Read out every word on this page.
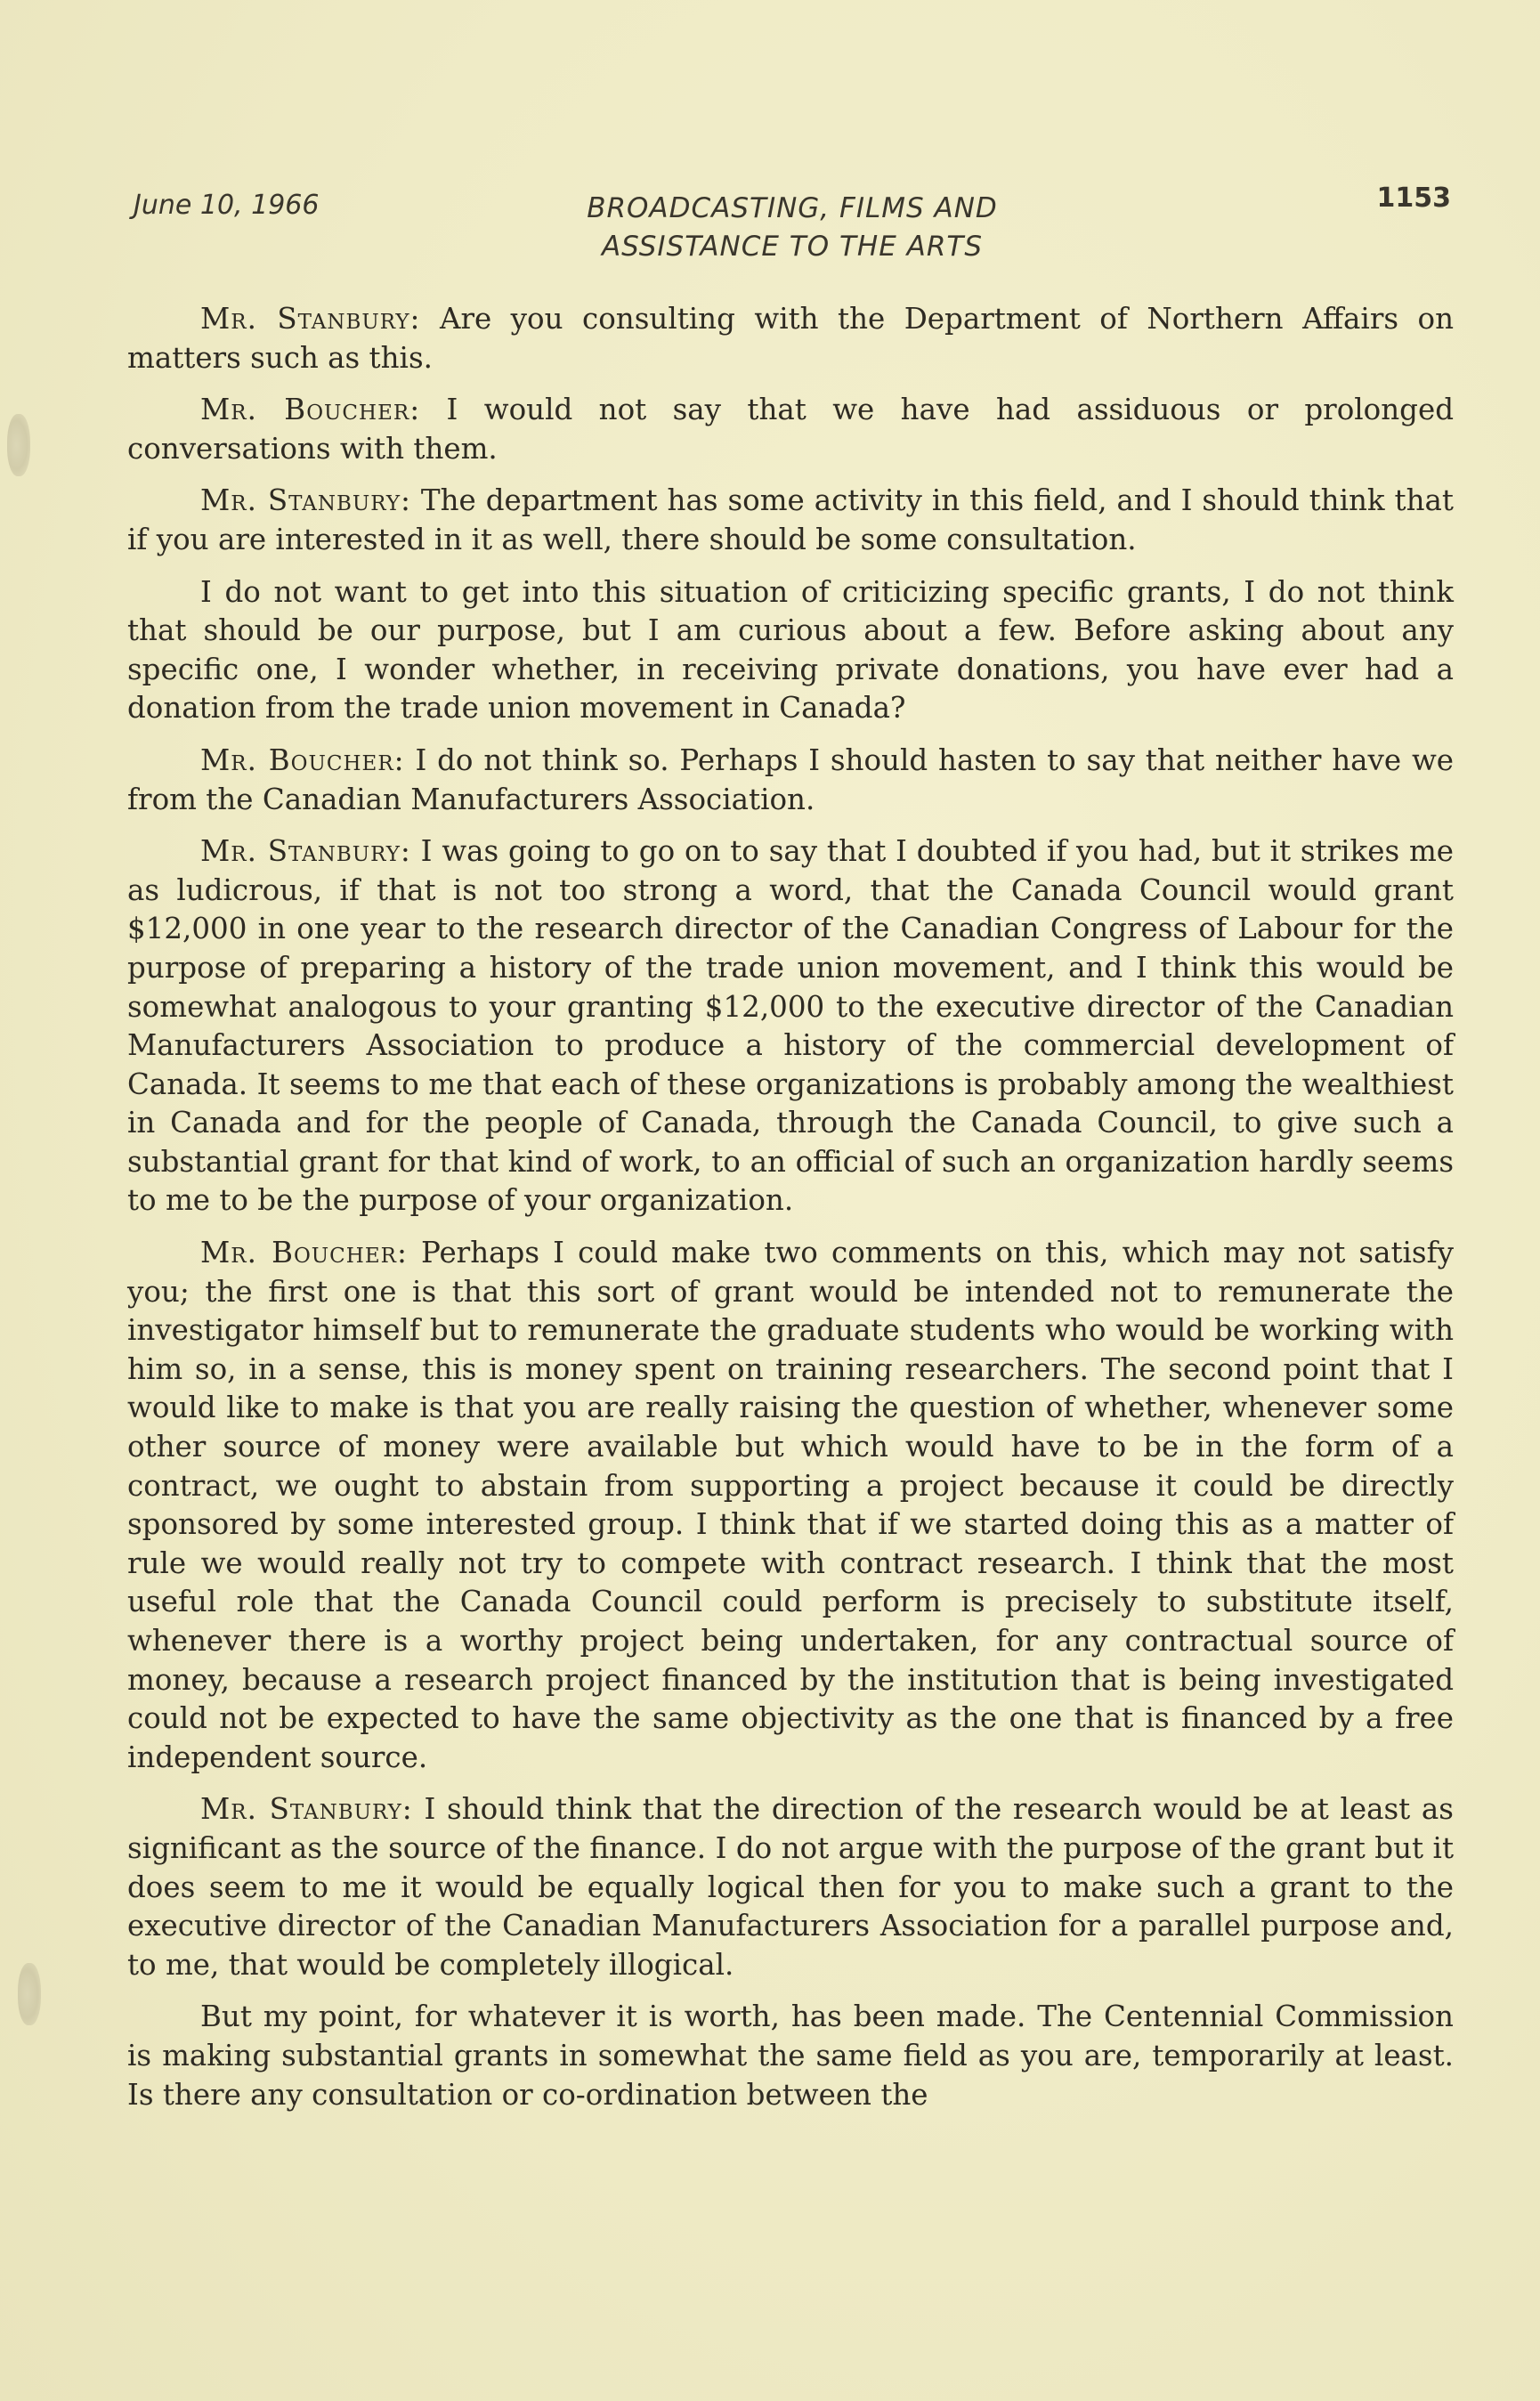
June 10, 1966	BROADCASTING, FILMS AND
ASSISTANCE TO THE ARTS
1153

Mr. Stanbury: Are you consulting with the Department of Northern Affairs on matters such as this.

Mr. Boucher: I would not say that we have had assiduous or prolonged conversations with them.

Mr. Stanbury: The department has some activity in this field, and I should think that if you are interested in it as well, there should be some consultation.

I do not want to get into this situation of criticizing specific grants, I do not think that should be our purpose, but I am curious about a few. Before asking about any specific one, I wonder whether, in receiving private donations, you have ever had a donation from the trade union movement in Canada?

Mr. Boucher: I do not think so. Perhaps I should hasten to say that neither have we from the Canadian Manufacturers Association.

Mr. Stanbury: I was going to go on to say that I doubted if you had, but it strikes me as ludicrous, if that is not too strong a word, that the Canada Council would grant $12,000 in one year to the research director of the Canadian Congress of Labour for the purpose of preparing a history of the trade union movement, and I think this would be somewhat analogous to your granting $12,000 to the executive director of the Canadian Manufacturers Association to produce a history of the commercial development of Canada. It seems to me that each of these organizations is probably among the wealthiest in Canada and for the people of Canada, through the Canada Council, to give such a substantial grant for that kind of work, to an official of such an organization hardly seems to me to be the purpose of your organization.

Mr. Boucher: Perhaps I could make two comments on this, which may not satisfy you; the first one is that this sort of grant would be intended not to remunerate the investigator himself but to remunerate the graduate students who would be working with him so, in a sense, this is money spent on training researchers. The second point that I would like to make is that you are really raising the question of whether, whenever some other source of money were available but which would have to be in the form of a contract, we ought to abstain from supporting a project because it could be directly sponsored by some interested group. I think that if we started doing this as a matter of rule we would really not try to compete with contract research. I think that the most useful role that the Canada Council could perform is precisely to substitute itself, whenever there is a worthy project being undertaken, for any contractual source of money, because a research project financed by the institution that is being investigated could not be expected to have the same objectivity as the one that is financed by a free independent source.

Mr. Stanbury: I should think that the direction of the research would be at least as significant as the source of the finance. I do not argue with the purpose of the grant but it does seem to me it would be equally logical then for you to make such a grant to the executive director of the Canadian Manufacturers Association for a parallel purpose and, to me, that would be completely illogical.

But my point, for whatever it is worth, has been made. The Centennial Commission is making substantial grants in somewhat the same field as you are, temporarily at least. Is there any consultation or co-ordination between the
